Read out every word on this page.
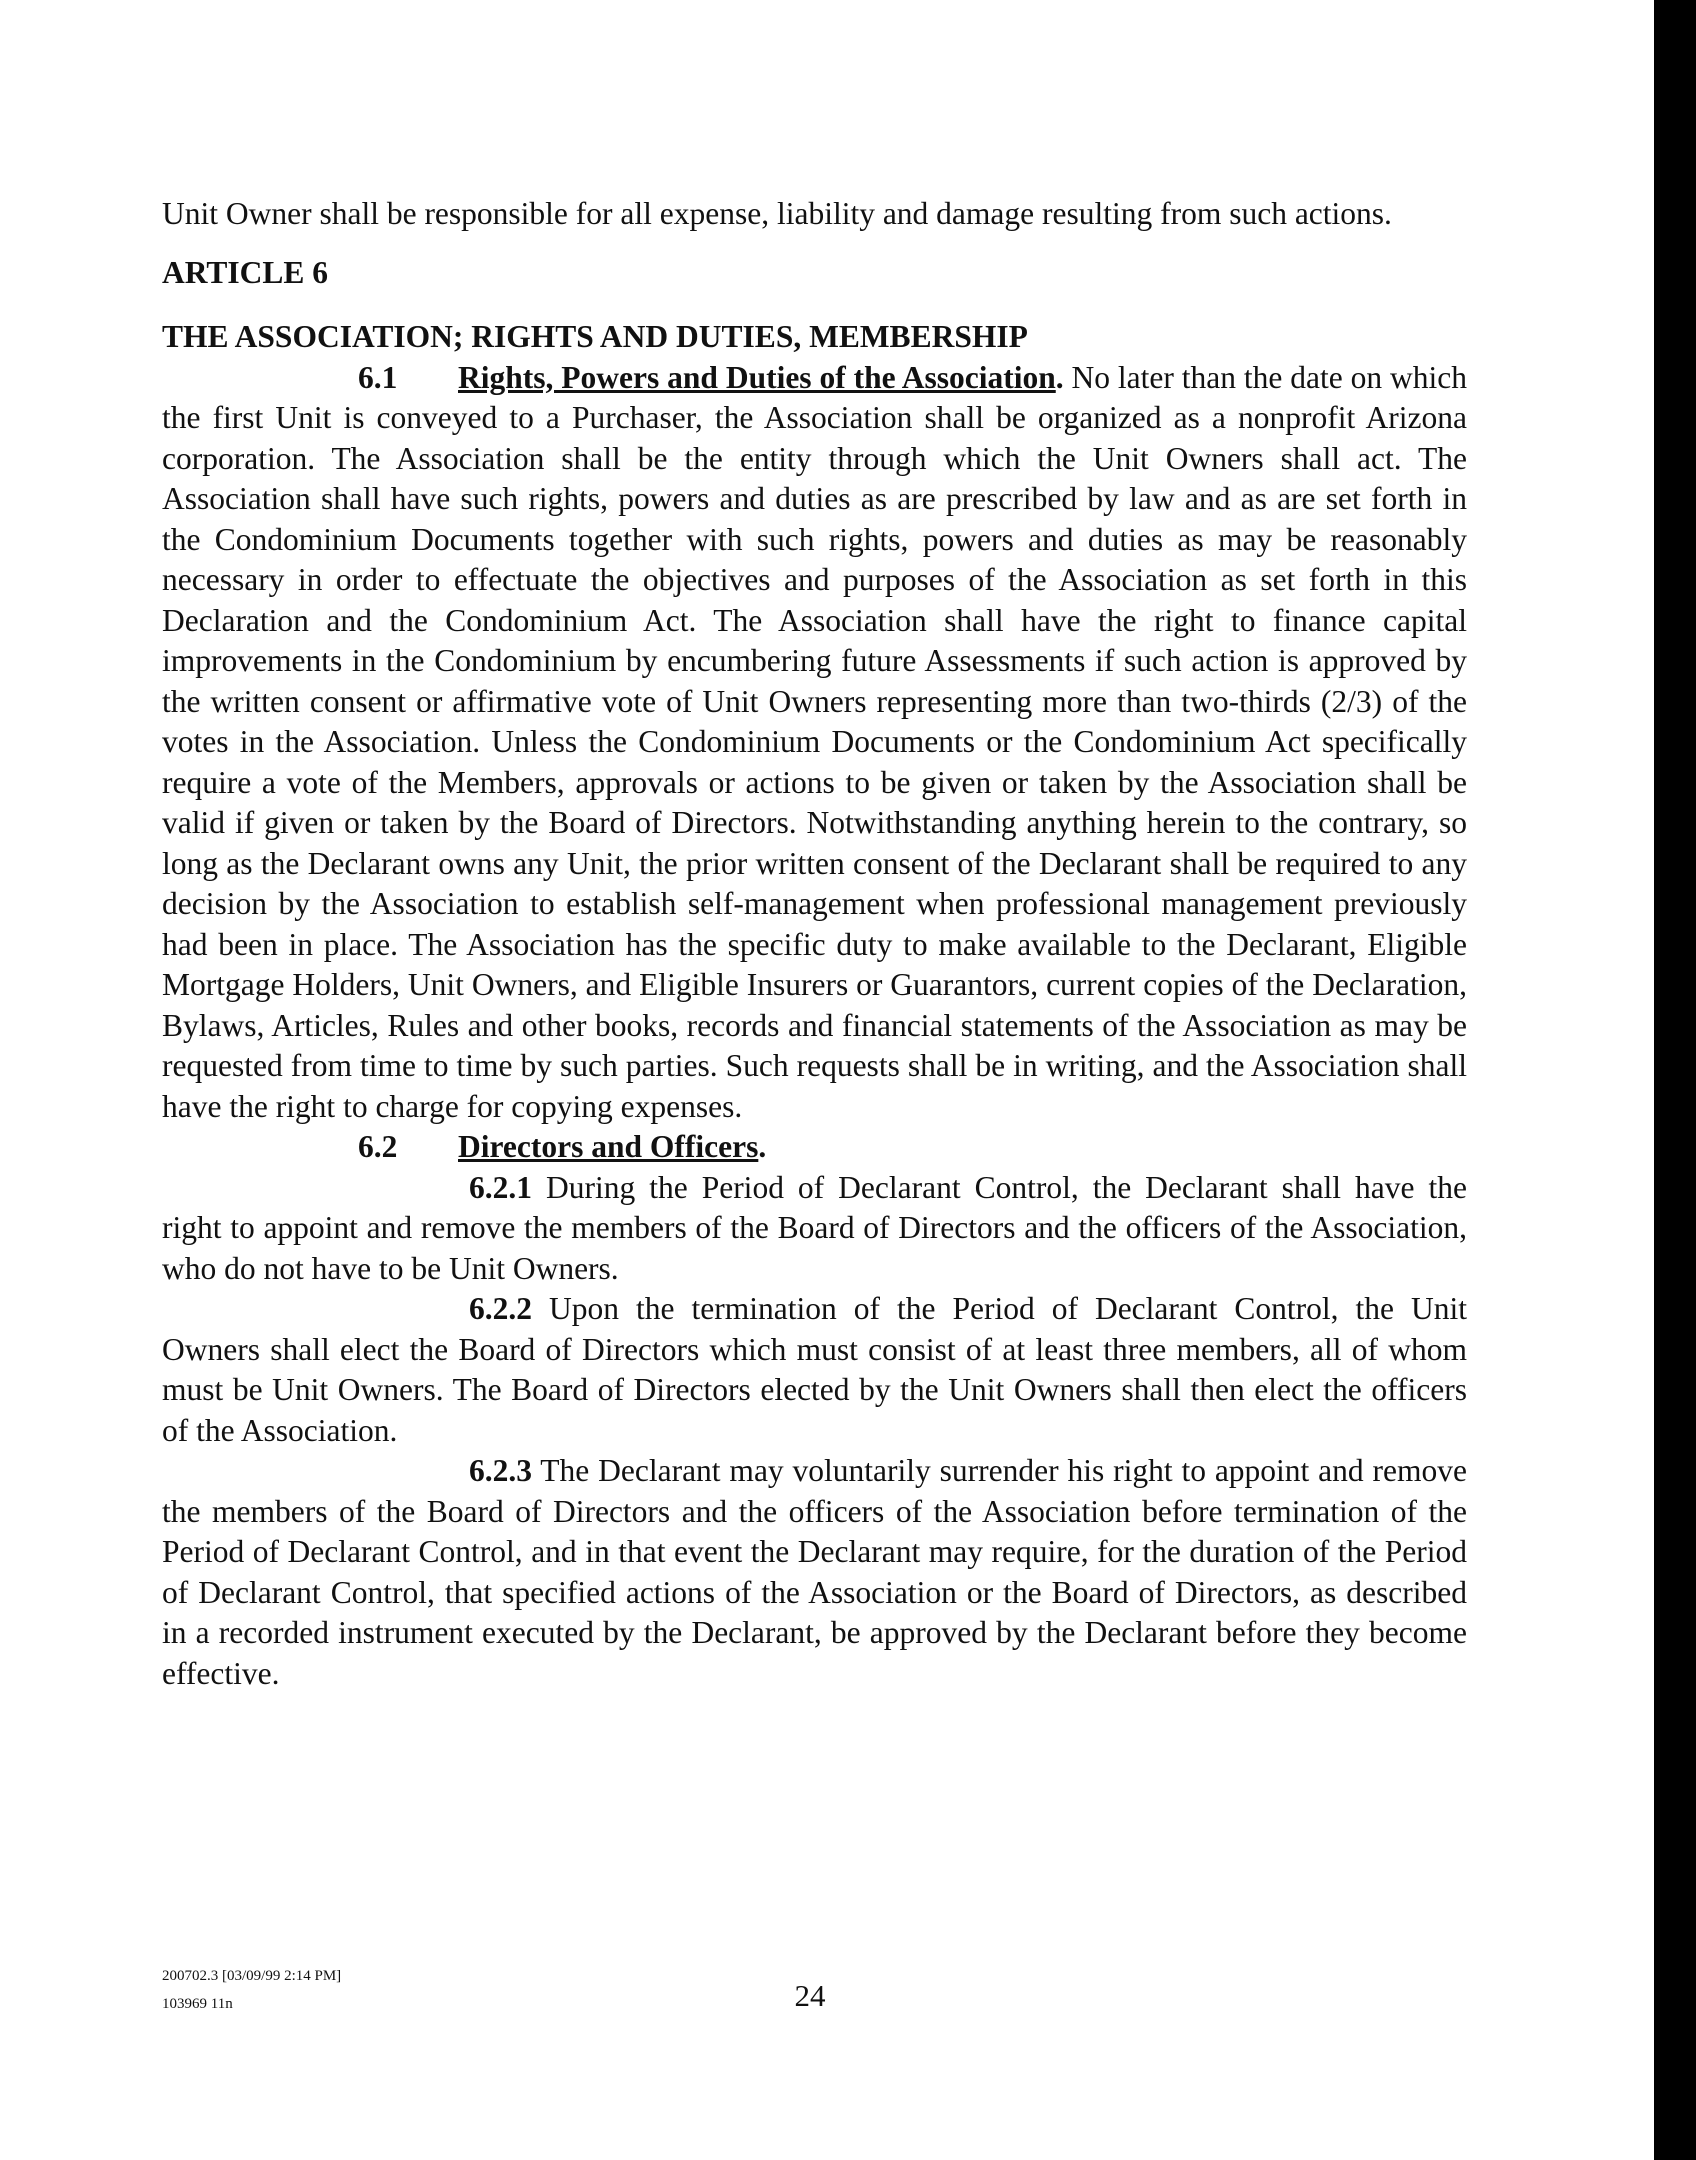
Unit Owner shall be responsible for all expense, liability and damage resulting from such actions.

ARTICLE 6

THE ASSOCIATION; RIGHTS AND DUTIES, MEMBERSHIP

6.1 Rights, Powers and Duties of the Association. No later than the date on which the first Unit is conveyed to a Purchaser, the Association shall be organized as a nonprofit Arizona corporation. The Association shall be the entity through which the Unit Owners shall act. The Association shall have such rights, powers and duties as are prescribed by law and as are set forth in the Condominium Documents together with such rights, powers and duties as may be reasonably necessary in order to effectuate the objectives and purposes of the Association as set forth in this Declaration and the Condominium Act. The Association shall have the right to finance capital improvements in the Condominium by encumbering future Assessments if such action is approved by the written consent or affirmative vote of Unit Owners representing more than two-thirds (2/3) of the votes in the Association. Unless the Condominium Documents or the Condominium Act specifically require a vote of the Members, approvals or actions to be given or taken by the Association shall be valid if given or taken by the Board of Directors. Notwithstanding anything herein to the contrary, so long as the Declarant owns any Unit, the prior written consent of the Declarant shall be required to any decision by the Association to establish self-management when professional management previously had been in place. The Association has the specific duty to make available to the Declarant, Eligible Mortgage Holders, Unit Owners, and Eligible Insurers or Guarantors, current copies of the Declaration, Bylaws, Articles, Rules and other books, records and financial statements of the Association as may be requested from time to time by such parties. Such requests shall be in writing, and the Association shall have the right to charge for copying expenses.

6.2 Directors and Officers.

6.2.1 During the Period of Declarant Control, the Declarant shall have the right to appoint and remove the members of the Board of Directors and the officers of the Association, who do not have to be Unit Owners.

6.2.2 Upon the termination of the Period of Declarant Control, the Unit Owners shall elect the Board of Directors which must consist of at least three members, all of whom must be Unit Owners. The Board of Directors elected by the Unit Owners shall then elect the officers of the Association.

6.2.3 The Declarant may voluntarily surrender his right to appoint and remove the members of the Board of Directors and the officers of the Association before termination of the Period of Declarant Control, and in that event the Declarant may require, for the duration of the Period of Declarant Control, that specified actions of the Association or the Board of Directors, as described in a recorded instrument executed by the Declarant, be approved by the Declarant before they become effective.

200702.3 [03/09/99 2:14 PM]
103969 11n	24
